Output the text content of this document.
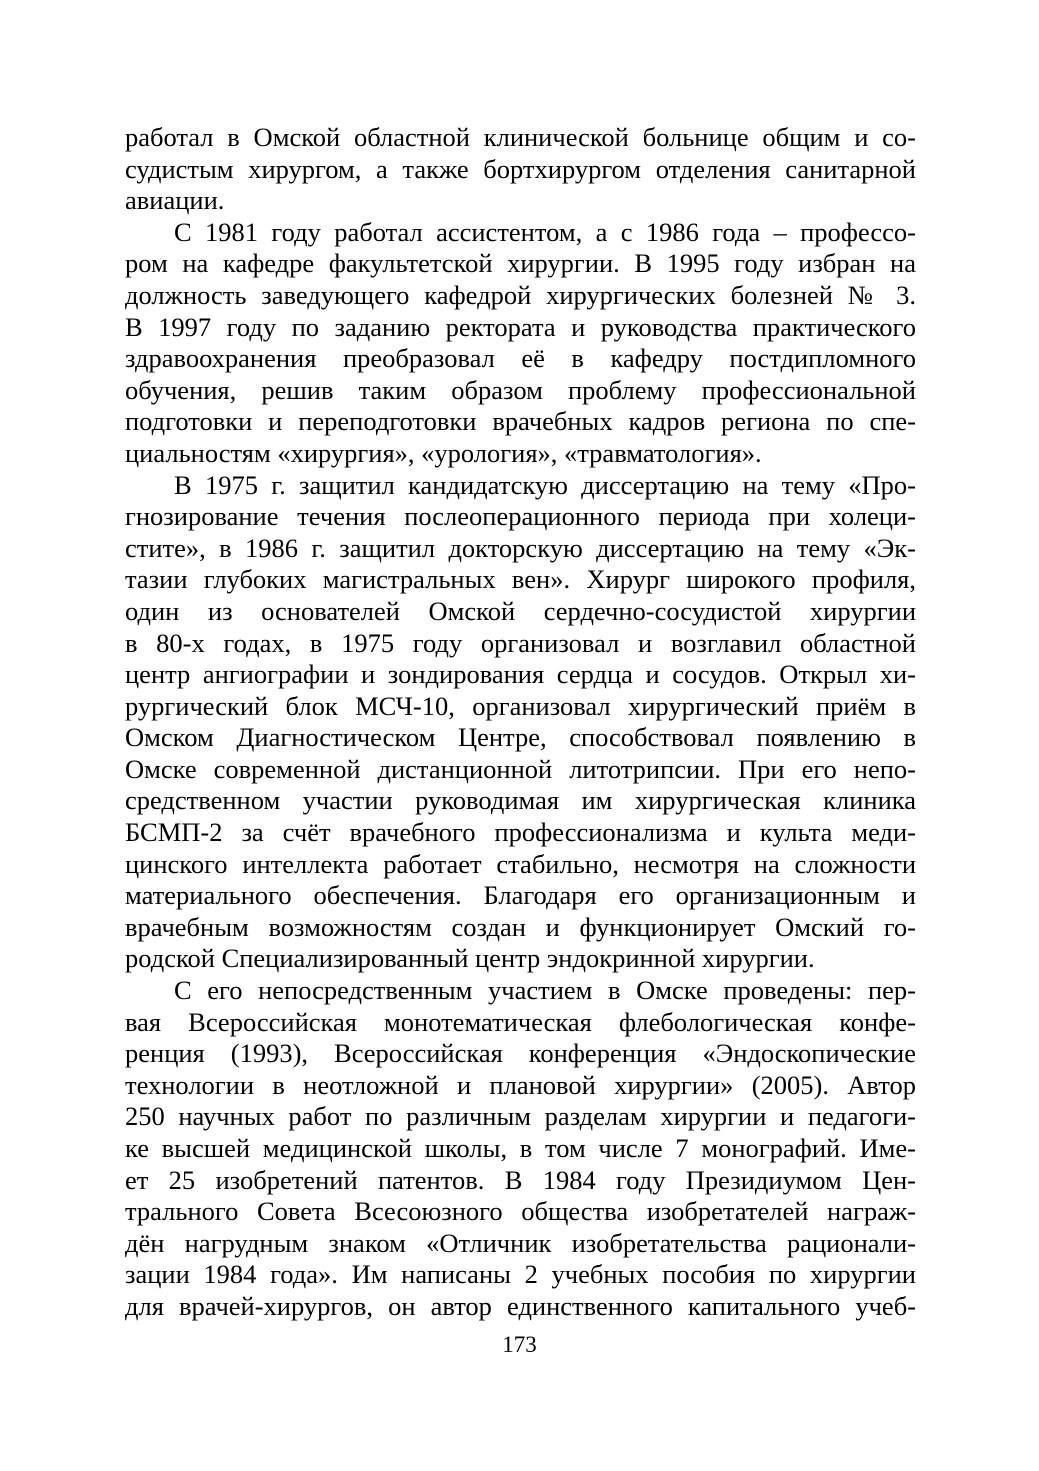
работал в Омской областной клинической больнице общим и со-
судистым хирургом, а также бортхирургом отделения санитарной
авиации.
С 1981 году работал ассистентом, а с 1986 года – профессо-
ром на кафедре факультетской хирургии. В 1995 году избран на
должность заведующего кафедрой хирургических болезней № 3.
В 1997 году по заданию ректората и руководства практического
здравоохранения преобразовал её в кафедру постдипломного
обучения, решив таким образом проблему профессиональной
подготовки и переподготовки врачебных кадров региона по спе-
циальностям «хирургия», «урология», «травматология».
В 1975 г. защитил кандидатскую диссертацию на тему «Про-
гнозирование течения послеоперационного периода при холеци-
стите», в 1986 г. защитил докторскую диссертацию на тему «Эк-
тазии глубоких магистральных вен». Хирург широкого профиля,
один из основателей Омской сердечно-сосудистой хирургии
в 80-х годах, в 1975 году организовал и возглавил областной
центр ангиографии и зондирования сердца и сосудов. Открыл хи-
рургический блок МСЧ-10, организовал хирургический приём в
Омском Диагностическом Центре, способствовал появлению в
Омске современной дистанционной литотрипсии. При его непо-
средственном участии руководимая им хирургическая клиника
БСМП-2 за счёт врачебного профессионализма и культа меди-
цинского интеллекта работает стабильно, несмотря на сложности
материального обеспечения. Благодаря его организационным и
врачебным возможностям создан и функционирует Омский го-
родской Специализированный центр эндокринной хирургии.
С его непосредственным участием в Омске проведены: пер-
вая Всероссийская монотематическая флебологическая конфе-
ренция (1993), Всероссийская конференция «Эндоскопические
технологии в неотложной и плановой хирургии» (2005). Автор
250 научных работ по различным разделам хирургии и педагоги-
ке высшей медицинской школы, в том числе 7 монографий. Име-
ет 25 изобретений патентов. В 1984 году Президиумом Цен-
трального Совета Всесоюзного общества изобретателей награж-
дён нагрудным знаком «Отличник изобретательства рационали-
зации 1984 года». Им написаны 2 учебных пособия по хирургии
для врачей-хирургов, он автор единственного капитального учеб-
173
